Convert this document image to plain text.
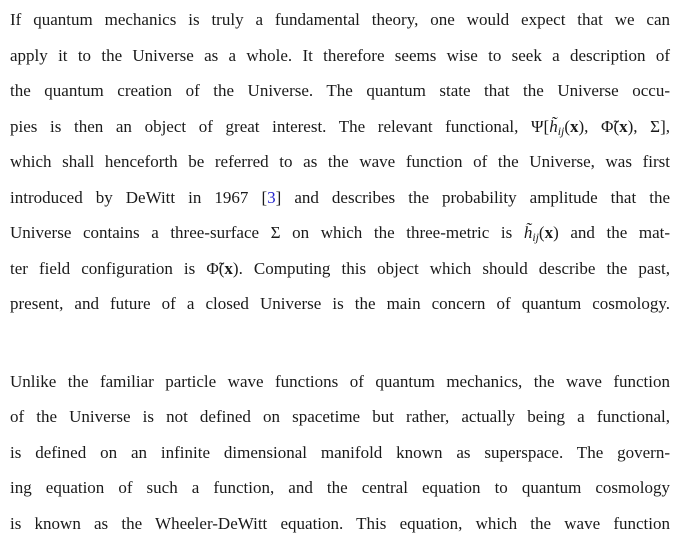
If quantum mechanics is truly a fundamental theory, one would expect that we can
apply it to the Universe as a whole. It therefore seems wise to seek a description of
the quantum creation of the Universe. The quantum state that the Universe occu-
pies is then an object of great interest. The relevant functional, Ψ[h̃ij(x), Φ̃(x), Σ],
which shall henceforth be referred to as the wave function of the Universe, was first
introduced by DeWitt in 1967 [3] and describes the probability amplitude that the
Universe contains a three-surface Σ on which the three-metric is h̃ij(x) and the mat-
ter field configuration is Φ̃(x). Computing this object which should describe the past,
present, and future of a closed Universe is the main concern of quantum cosmology.
Unlike the familiar particle wave functions of quantum mechanics, the wave function
of the Universe is not defined on spacetime but rather, actually being a functional,
is defined on an infinite dimensional manifold known as superspace. The govern-
ing equation of such a function, and the central equation to quantum cosmology
is known as the Wheeler-DeWitt equation. This equation, which the wave function
